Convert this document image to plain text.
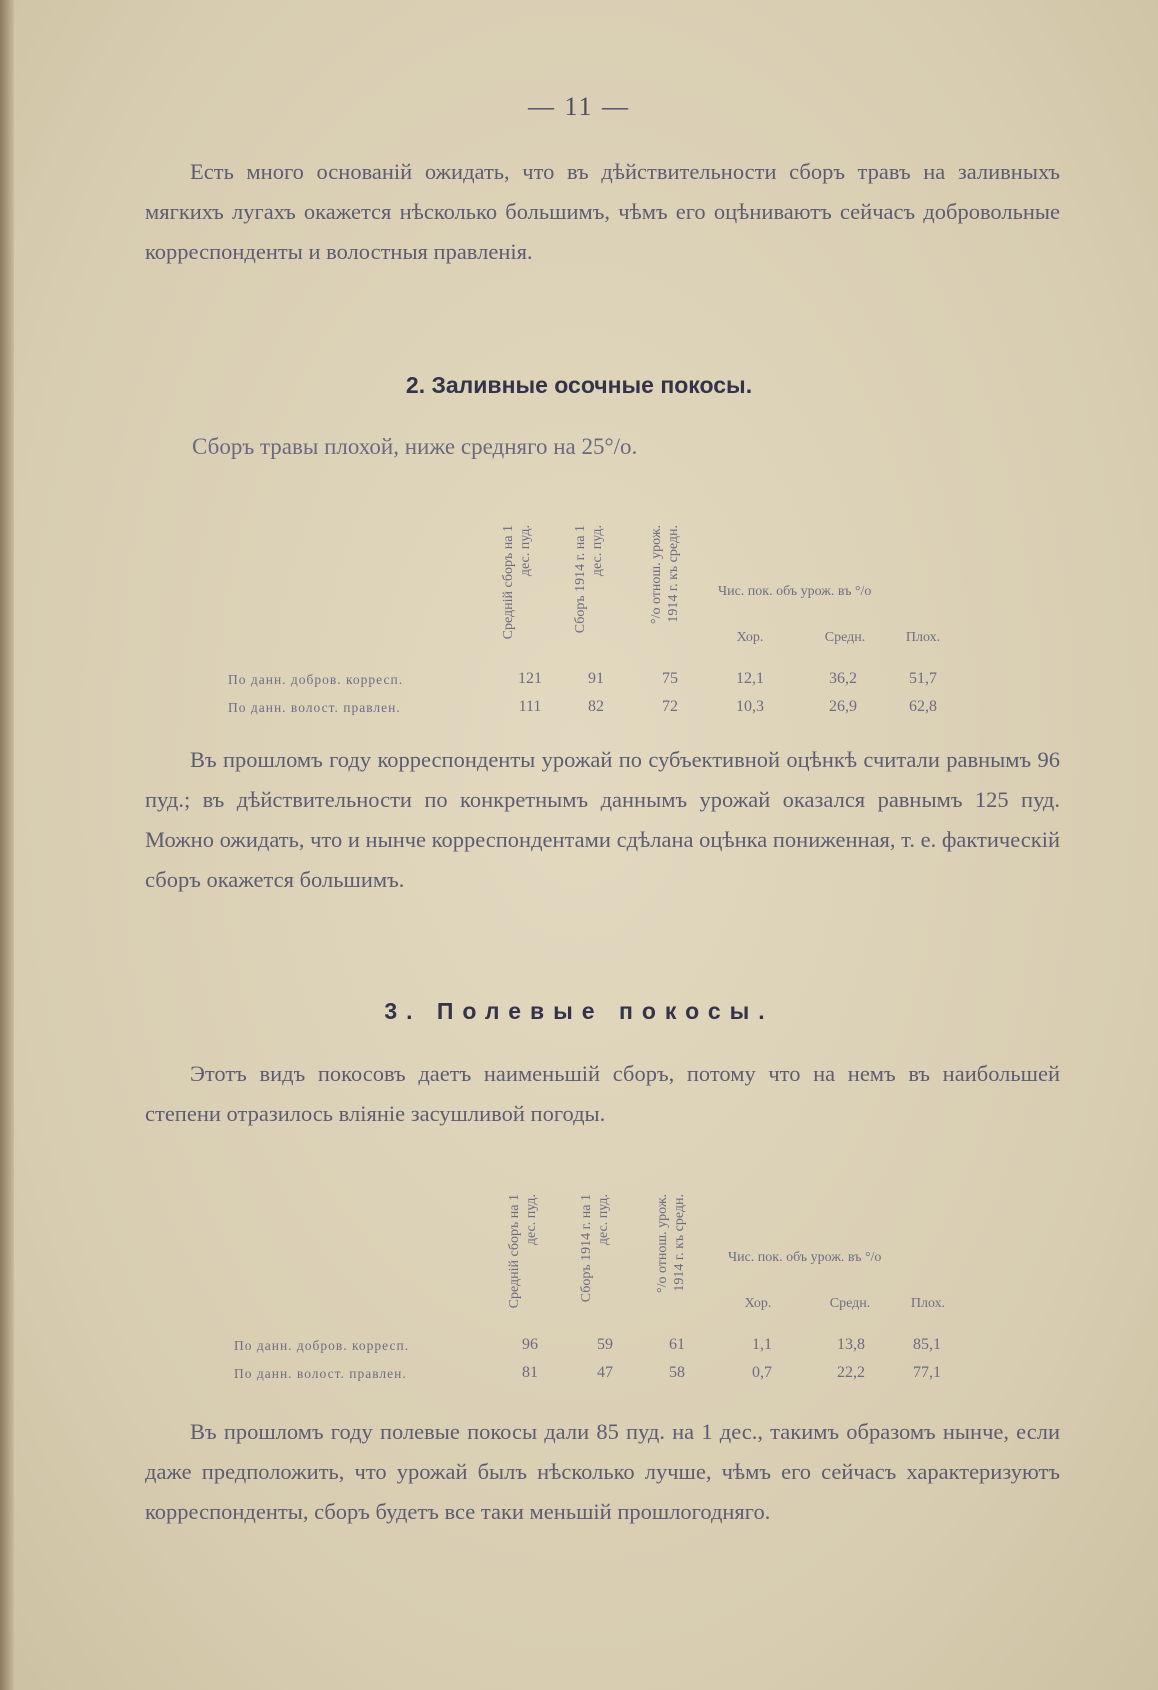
— 11 —
Есть много основаній ожидать, что въ дѣйствительности сборъ травъ на заливныхъ мягкихъ лугахъ окажется нѣсколько большимъ, чѣмъ его оцѣниваютъ сейчасъ добровольные корреспонденты и волостныя правленія.
2. Заливные осочные покосы.
Сборъ травы плохой, ниже средняго на 25°/о.
Средній сборъ на 1 дес. пуд.	Сборъ 1914 г. на 1 дес. пуд.	°/о отнош. урож. 1914 г. къ средн.	Чис. пок. объ урож. въ °/о
Хор.	Средн.	Плох.
По данн. добров. корресп.	121	91	75	12,1	36,2	51,7
По данн. волост. правлен.	111	82	72	10,3	26,9	62,8
Въ прошломъ году корреспонденты урожай по субъективной оцѣнкѣ считали равнымъ 96 пуд.; въ дѣйствительности по конкретнымъ даннымъ урожай оказался равнымъ 125 пуд. Можно ожидать, что и нынче корреспондентами сдѣлана оцѣнка пониженная, т. е. фактическій сборъ окажется большимъ.
3. Полевые покосы.
Этотъ видъ покосовъ даетъ наименьшій сборъ, потому что на немъ въ наибольшей степени отразилось вліяніе засушливой погоды.
Средній сборъ на 1 дес. пуд.	Сборъ 1914 г. на 1 дес. пуд.	°/о отнош. урож. 1914 г. къ средн.	Чис. пок. объ урож. въ °/о
Хор.	Средн.	Плох.
По данн. добров. корресп.	96	59	61	1,1	13,8	85,1
По данн. волост. правлен.	81	47	58	0,7	22,2	77,1
Въ прошломъ году полевые покосы дали 85 пуд. на 1 дес., такимъ образомъ нынче, если даже предположить, что урожай былъ нѣсколько лучше, чѣмъ его сейчасъ характеризуютъ корреспонденты, сборъ будетъ все таки меньшій прошлогодняго.
